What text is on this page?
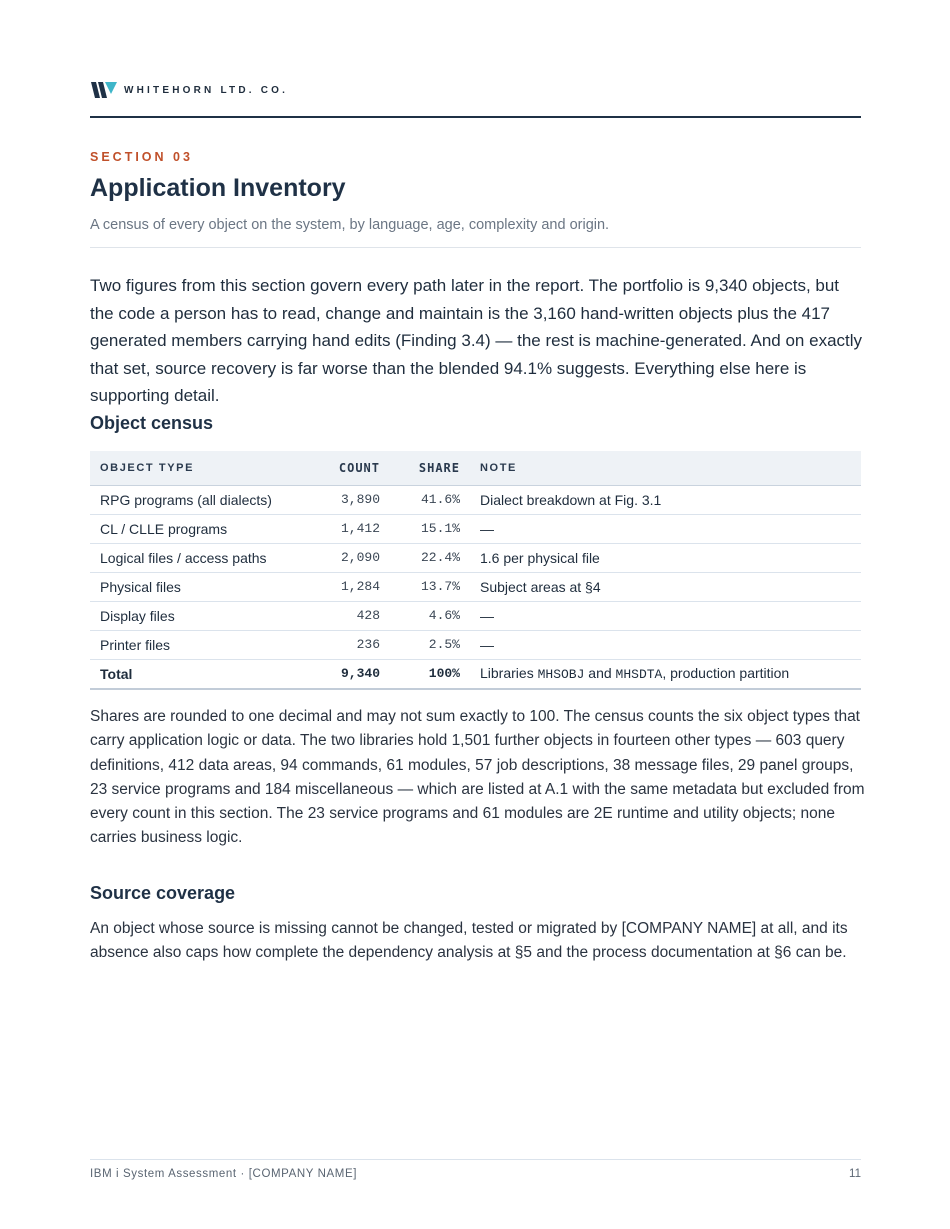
WHITEHORN LTD. CO.
SECTION 03
Application Inventory
A census of every object on the system, by language, age, complexity and origin.

Two figures from this section govern every path later in the report. The portfolio is 9,340 objects, but the code a person has to read, change and maintain is the 3,160 hand-written objects plus the 417 generated members carrying hand edits (Finding 3.4) — the rest is machine-generated. And on exactly that set, source recovery is far worse than the blended 94.1% suggests. Everything else here is supporting detail.

Object census
OBJECT TYPE	COUNT	SHARE	NOTE
RPG programs (all dialects)	3,890	41.6%	Dialect breakdown at Fig. 3.1
CL / CLLE programs	1,412	15.1%	—
Logical files / access paths	2,090	22.4%	1.6 per physical file
Physical files	1,284	13.7%	Subject areas at §4
Display files	428	4.6%	—
Printer files	236	2.5%	—
Total	9,340	100%	Libraries MHSOBJ and MHSDTA, production partition

Shares are rounded to one decimal and may not sum exactly to 100. The census counts the six object types that carry application logic or data. The two libraries hold 1,501 further objects in fourteen other types — 603 query definitions, 412 data areas, 94 commands, 61 modules, 57 job descriptions, 38 message files, 29 panel groups, 23 service programs and 184 miscellaneous — which are listed at A.1 with the same metadata but excluded from every count in this section. The 23 service programs and 61 modules are 2E runtime and utility objects; none carries business logic.

Source coverage

An object whose source is missing cannot be changed, tested or migrated by [COMPANY NAME] at all, and its absence also caps how complete the dependency analysis at §5 and the process documentation at §6 can be.

IBM i System Assessment · [COMPANY NAME]	11
